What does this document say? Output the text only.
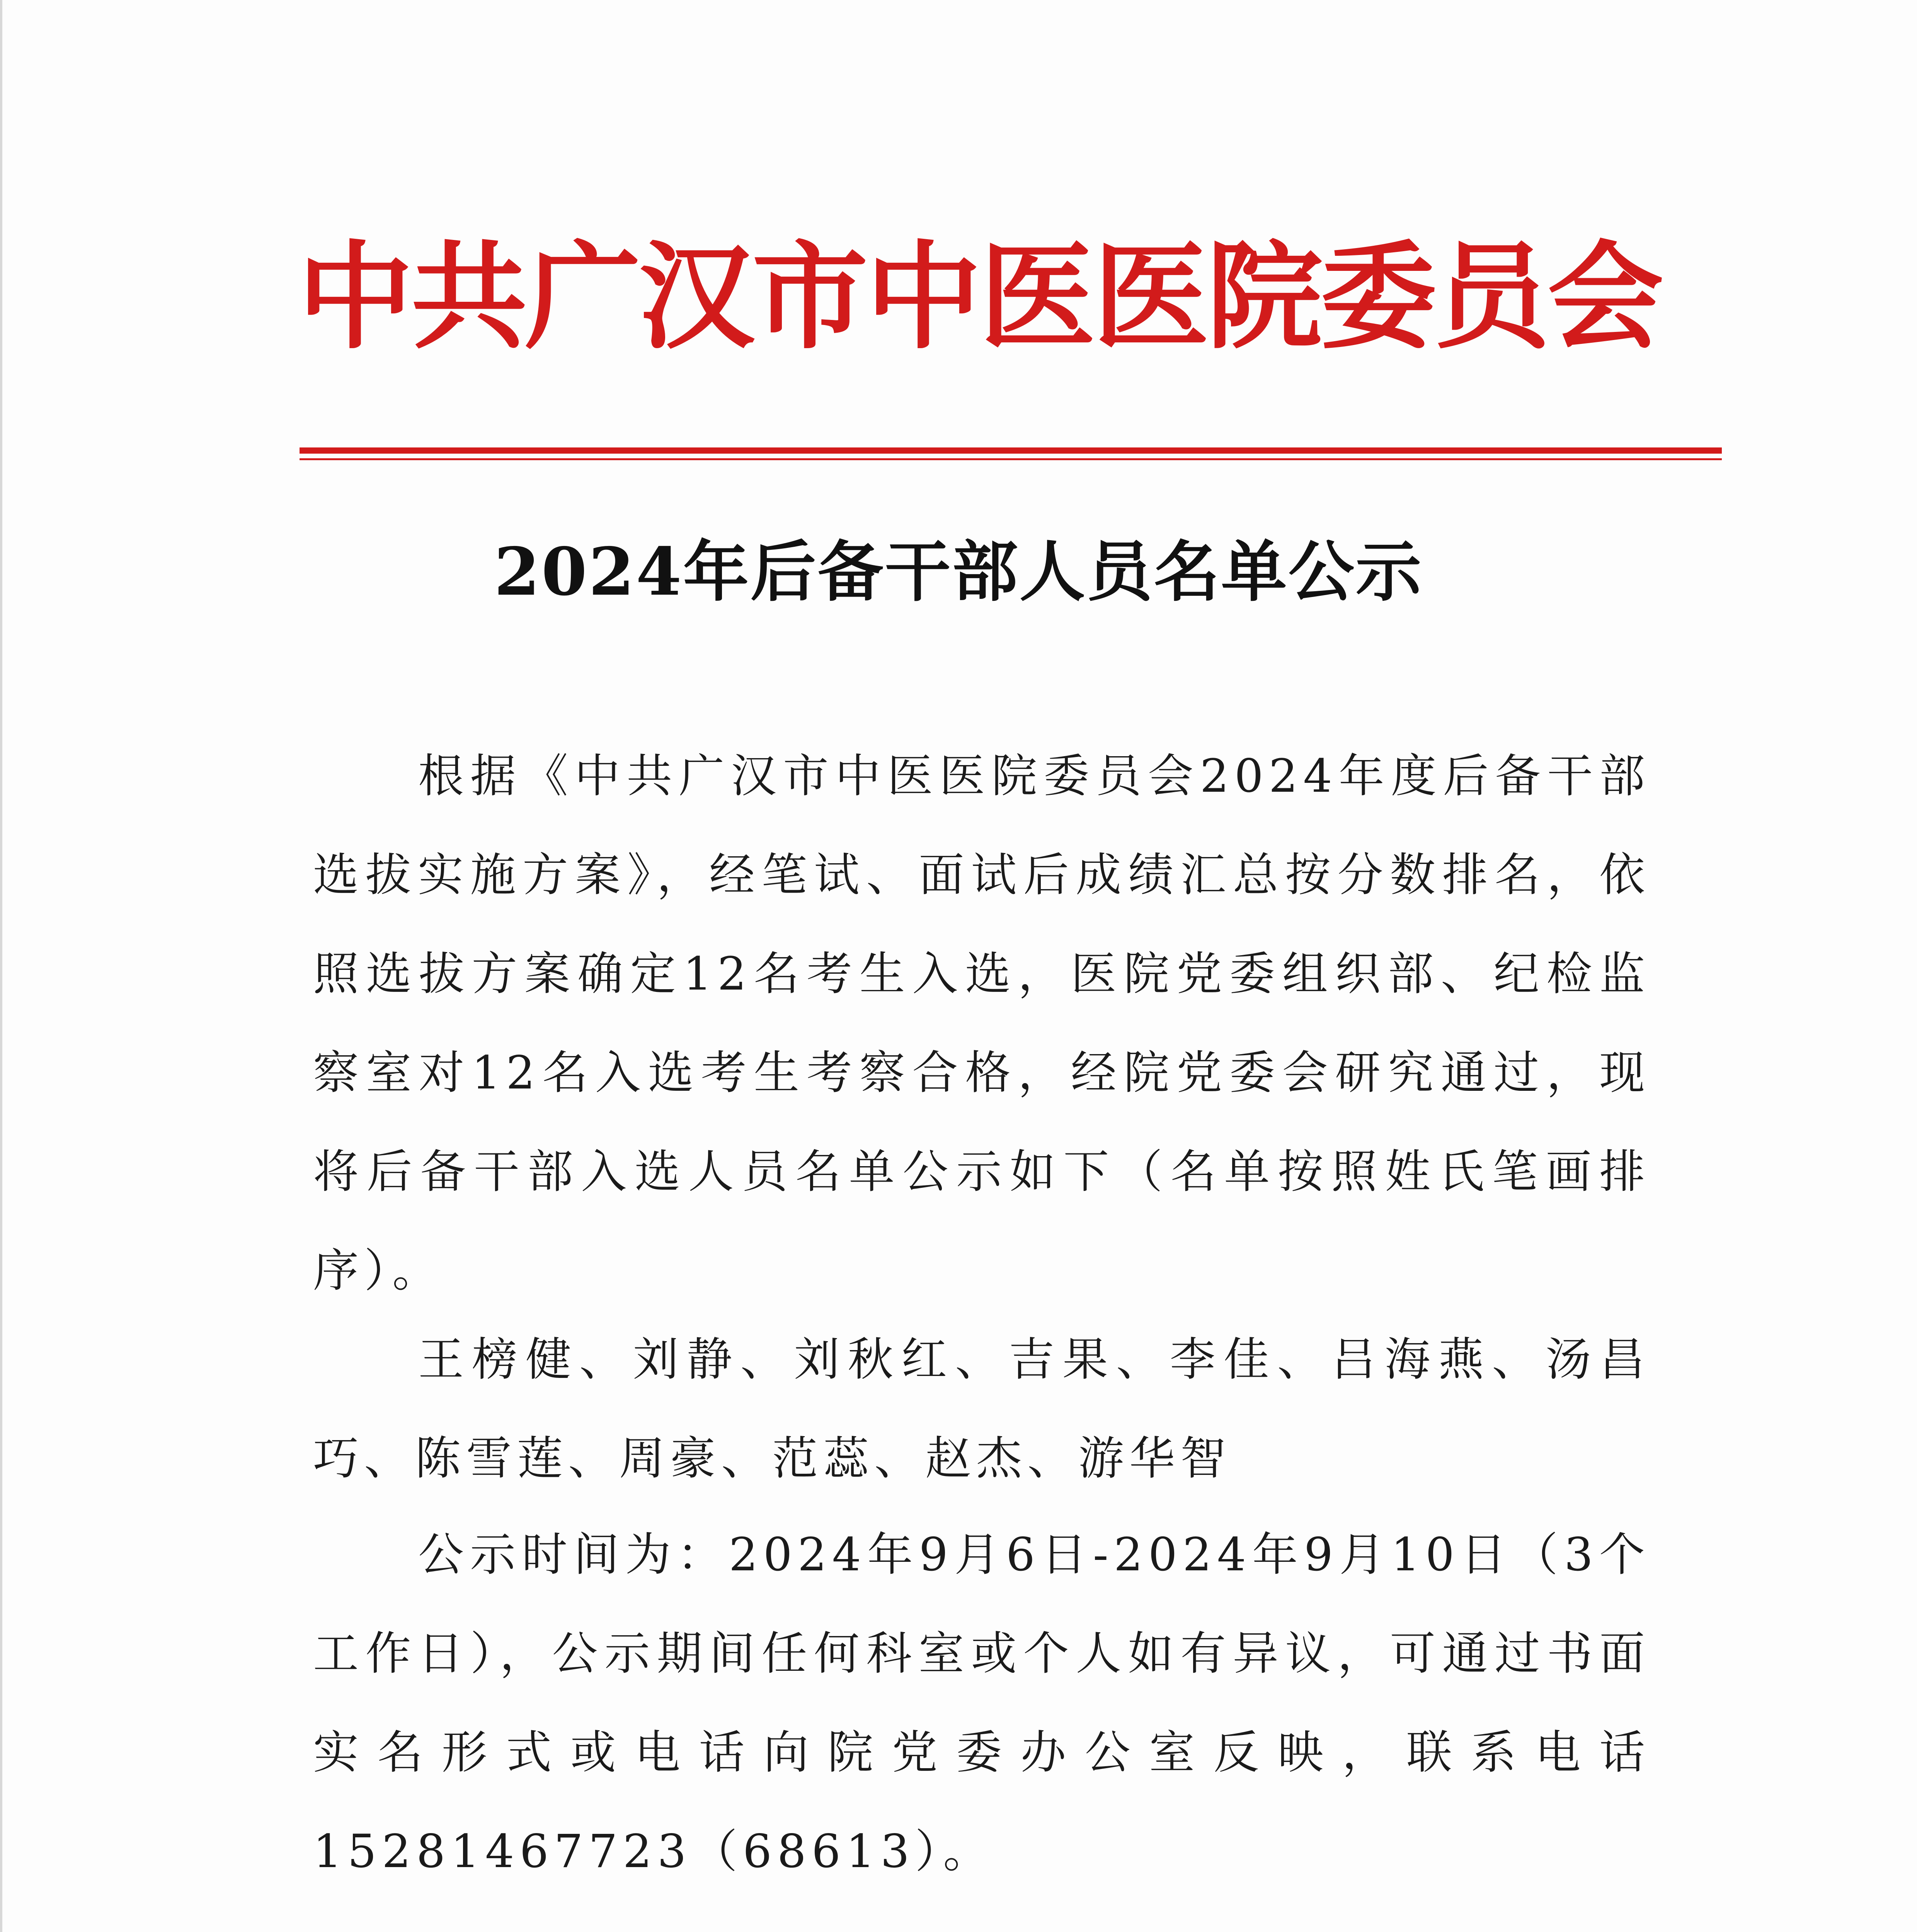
中共广汉市中医医院委员会
2024年后备干部人员名单公示
根据《中共广汉市中医医院委员会2024年度后备干部选拔实施方案》，经笔试、面试后成绩汇总按分数排名，依照选拔方案确定12名考生入选，医院党委组织部、纪检监察室对12名入选考生考察合格，经院党委会研究通过，现将后备干部入选人员名单公示如下（名单按照姓氏笔画排序）。
王榜健、刘静、刘秋红、吉果、李佳、吕海燕、汤昌巧、陈雪莲、周豪、范蕊、赵杰、游华智
公示时间为：2024年9月6日-2024年9月10日（3个工作日），公示期间任何科室或个人如有异议，可通过书面实名形式或电话向院党委办公室反映，联系电话15281467723（68613）。
